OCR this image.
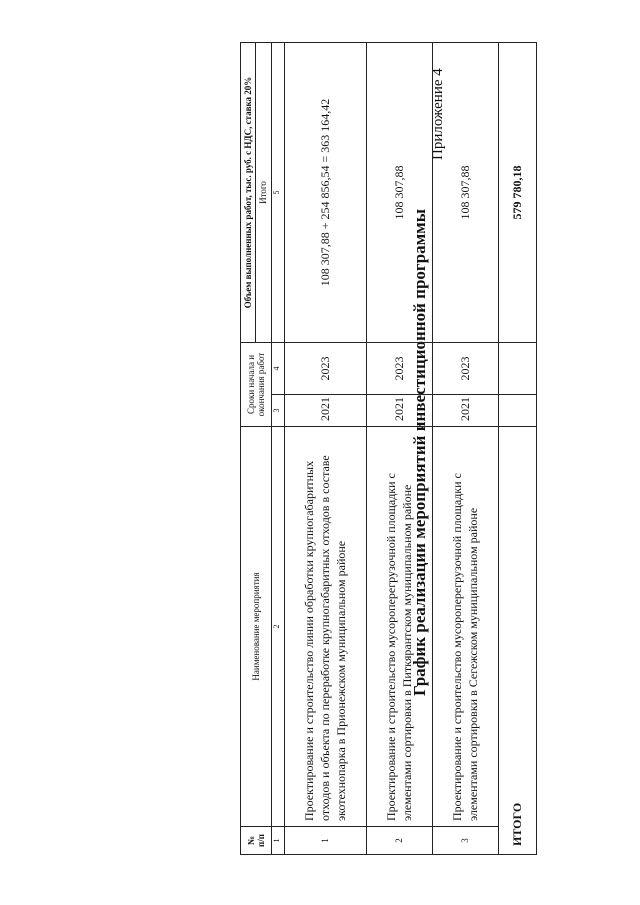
Приложение 4
График реализации мероприятий инвестиционной программы
№ п/п	Наименование мероприятия	Сроки начала и окончания работ		Объем выполненных работ, тыс. руб. с НДС, ставка 20%
				Итого
1	2	3	4	5
1	Проектирование и строительство линии обработки крупногабаритных отходов и объекта по переработке крупногабаритных отходов в составе экотехнопарка в Прионежском муниципальном районе	2021	2023	108 307,88 + 254 856,54 = 363 164,42
2	Проектирование и строительство мусороперегрузочной площадки с элементами сортировки в Питкярантском муниципальном районе	2021	2023	108 307,88
3	Проектирование и строительство мусороперегрузочной площадки с элементами сортировки в Сегежском муниципальном районе	2021	2023	108 307,88
ИТОГО				579 780,18
